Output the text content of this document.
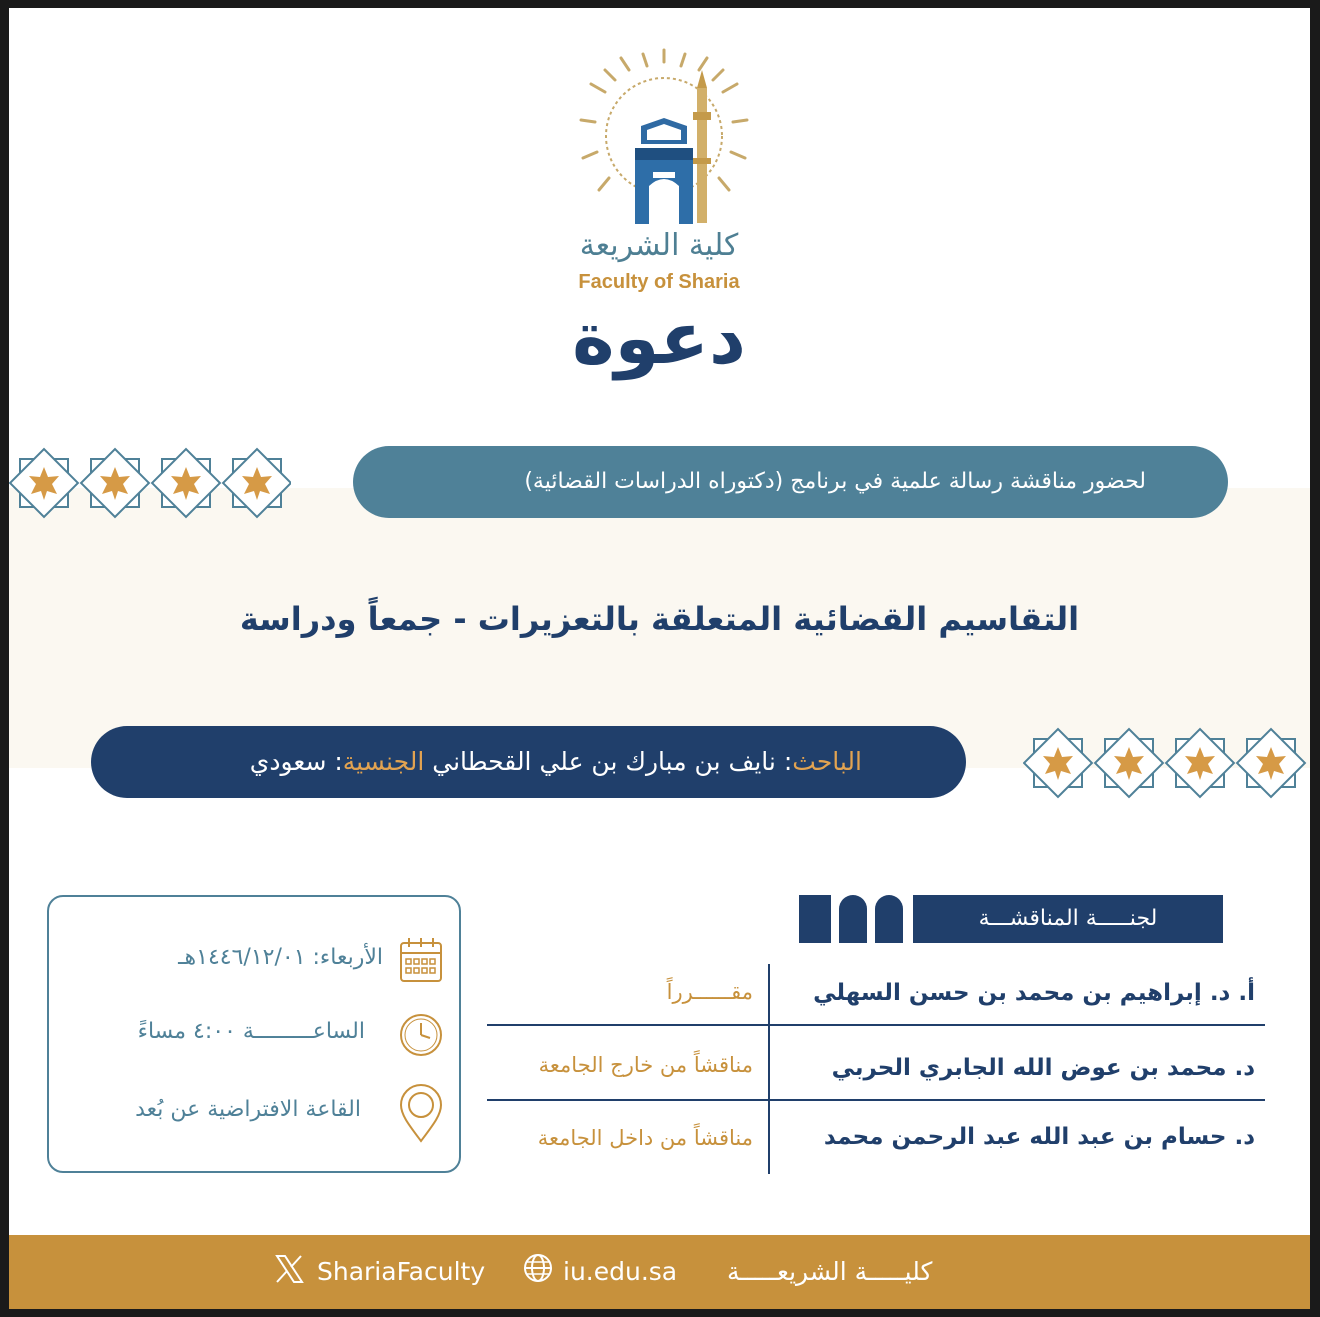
كلية الشريعة
Faculty of Sharia
دعوة
لحضور مناقشة رسالة علمية في برنامج (دكتوراه الدراسات القضائية)
التقاسيم القضائية المتعلقة بالتعزيرات - جمعاً ودراسة
الباحث: نايف بن مبارك بن علي القحطاني الجنسية: سعودي
لجنـــــة المناقشـــة
أ. د. إبراهيم بن محمد بن حسن السهلي
مقــــــرراً
د. محمد بن عوض الله الجابري الحربي
مناقشاً من خارج الجامعة
د. حسام بن عبد الله عبد الرحمن محمد
مناقشاً من داخل الجامعة
الأربعاء: ١٤٤٦/١٢/٠١هـ
الساعـــــــــة ٤:٠٠ مساءً
القاعة الافتراضية عن بُعد
كليـــــة الشريعـــــة
iu.edu.sa
ShariaFaculty
